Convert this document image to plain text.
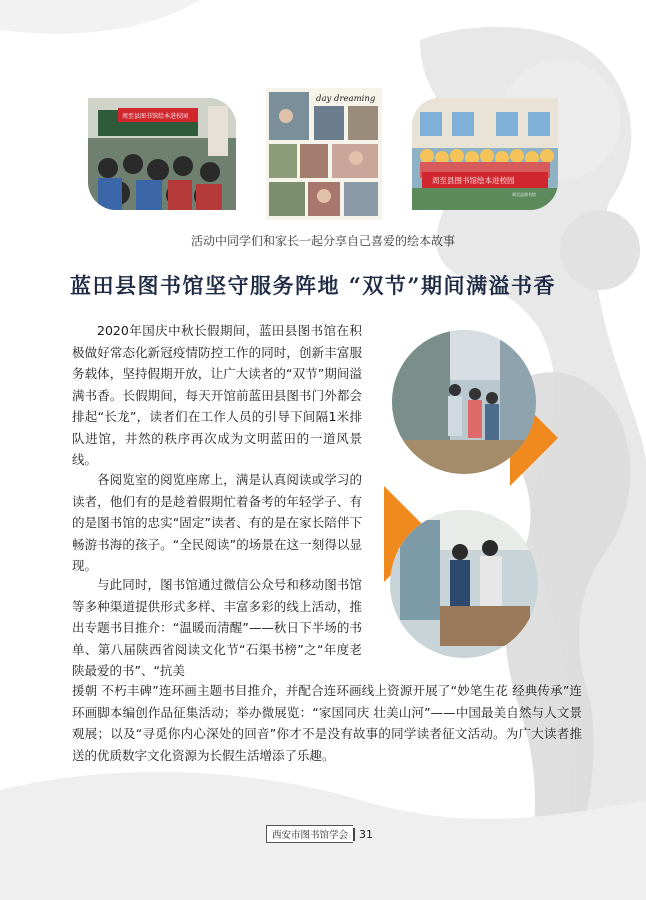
周至县图书馆绘本进校园
day dreaming
周至县图书馆绘本进校园
周至县图书馆
活动中同学们和家长一起分享自己喜爱的绘本故事
蓝田县图书馆坚守服务阵地 “双节”期间满溢书香

2020年国庆中秋长假期间，蓝田县图书馆在积极做好常态化新冠疫情防控工作的同时，创新丰富服务载体，坚持假期开放，让广大读者的“双节”期间溢满书香。长假期间，每天开馆前蓝田县图书门外都会排起“长龙”，读者们在工作人员的引导下间隔1米排队进馆，井然的秩序再次成为文明蓝田的一道风景线。

各阅览室的阅览座席上，满是认真阅读或学习的读者，他们有的是趁着假期忙着备考的年轻学子、有的是图书馆的忠实“固定”读者、有的是在家长陪伴下畅游书海的孩子。“全民阅读”的场景在这一刻得以显现。

与此同时，图书馆通过微信公众号和移动图书馆等多种渠道提供形式多样、丰富多彩的线上活动，推出专题书目推介：“温暖而清醒”——秋日下半场的书单、第八届陕西省阅读文化节“石渠书榜”之“年度老陕最爱的书”、“抗美

援朝 不朽丰碑”连环画主题书目推介，并配合连环画线上资源开展了“妙笔生花 经典传承”连环画脚本编创作品征集活动；举办微展览：“家国同庆 壮美山河”——中国最美自然与人文景观展；以及“寻觅你内心深处的回音”你才不是没有故事的同学读者征文活动。为广大读者推送的优质数字文化资源为长假生活增添了乐趣。

西安市图书馆学会	31
